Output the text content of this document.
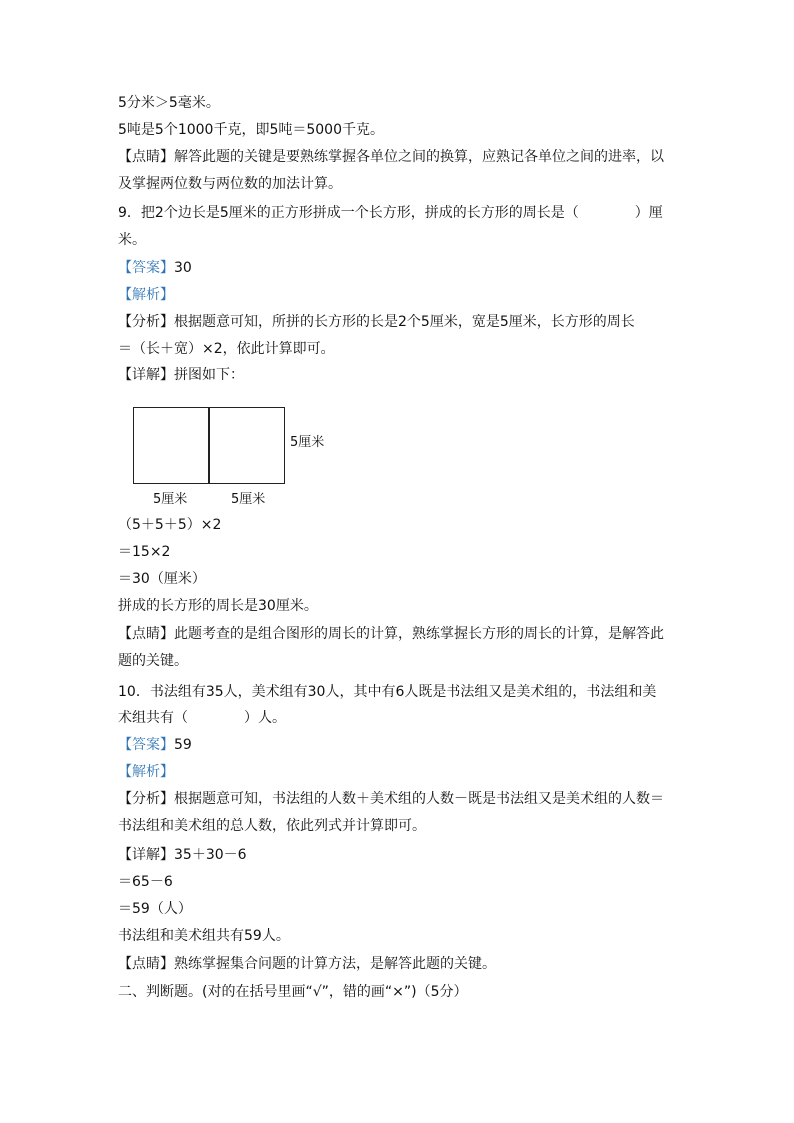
5分米＞5毫米。
5吨是5个1000千克，即5吨＝5000千克。
【点睛】解答此题的关键是要熟练掌握各单位之间的换算，应熟记各单位之间的进率，以
及掌握两位数与两位数的加法计算。
9．把2个边长是5厘米的正方形拼成一个长方形，拼成的长方形的周长是（　　　　）厘
米。
【答案】30
【解析】
【分析】根据题意可知，所拼的长方形的长是2个5厘米，宽是5厘米，长方形的周长
＝（长＋宽）×2，依此计算即可。
【详解】拼图如下：
5厘米
5厘米	5厘米
（5＋5＋5）×2
＝15×2
＝30（厘米）
拼成的长方形的周长是30厘米。
【点睛】此题考查的是组合图形的周长的计算，熟练掌握长方形的周长的计算，是解答此
题的关键。
10．书法组有35人，美术组有30人，其中有6人既是书法组又是美术组的，书法组和美
术组共有（　　　　）人。
【答案】59
【解析】
【分析】根据题意可知，书法组的人数＋美术组的人数－既是书法组又是美术组的人数＝
书法组和美术组的总人数，依此列式并计算即可。
【详解】35＋30－6
＝65－6
＝59（人）
书法组和美术组共有59人。
【点睛】熟练掌握集合问题的计算方法，是解答此题的关键。
二、判断题。(对的在括号里画“√”，错的画“×”)（5分）
